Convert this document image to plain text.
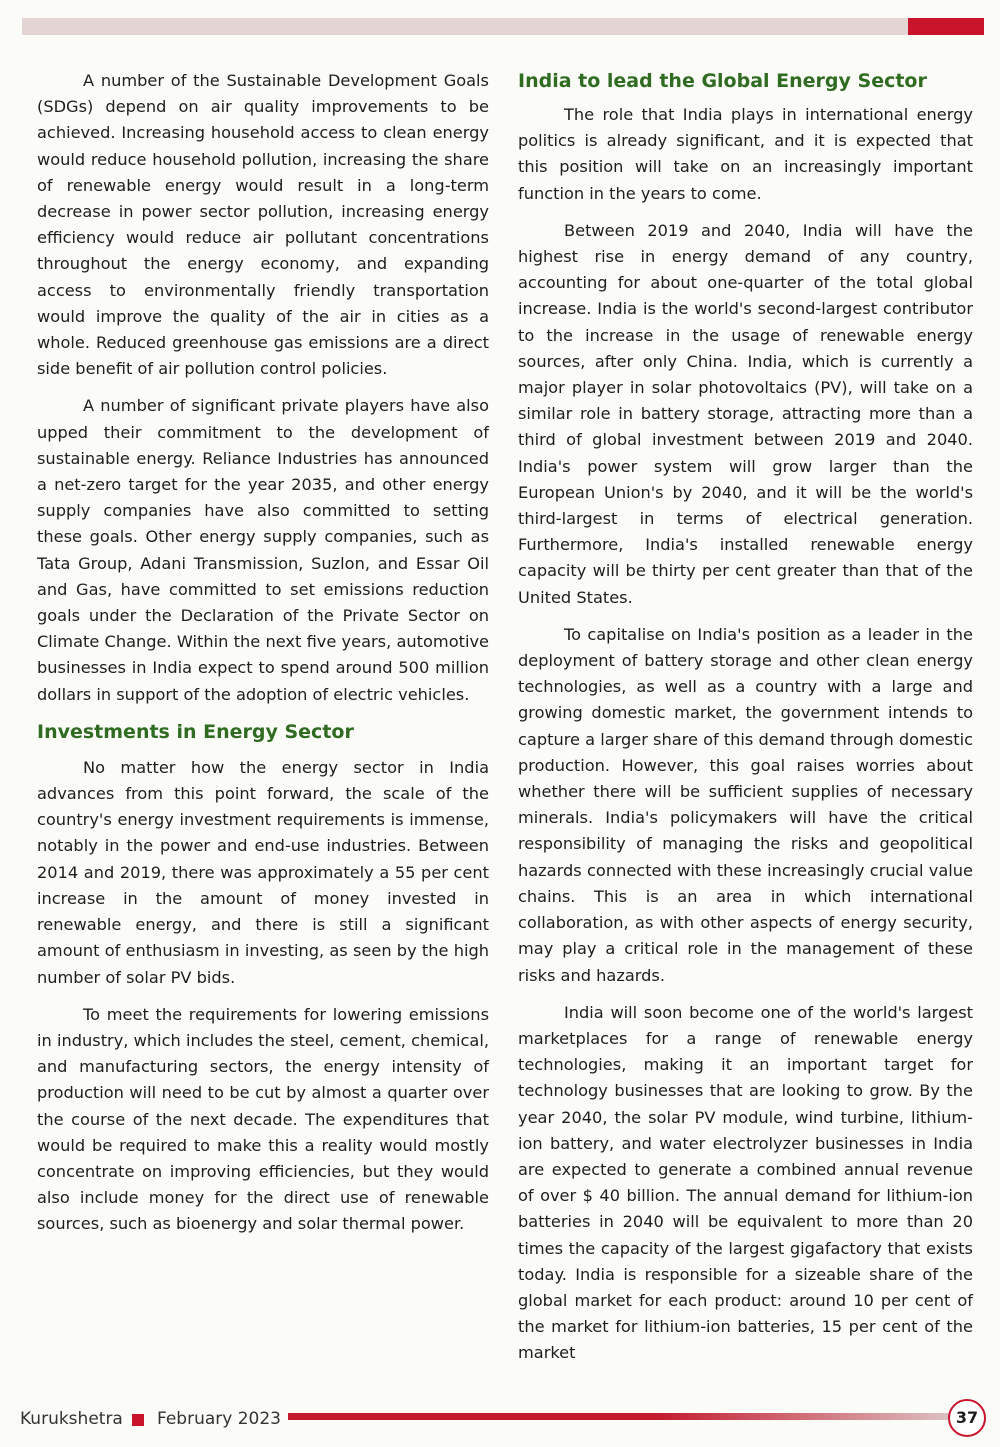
A number of the Sustainable Development Goals (SDGs) depend on air quality improvements to be achieved. Increasing household access to clean energy would reduce household pollution, increasing the share of renewable energy would result in a long-term decrease in power sector pollution, increasing energy efficiency would reduce air pollutant concentrations throughout the energy economy, and expanding access to environmentally friendly transportation would improve the quality of the air in cities as a whole. Reduced greenhouse gas emissions are a direct side benefit of air pollution control policies.

A number of significant private players have also upped their commitment to the development of sustainable energy. Reliance Industries has announced a net-zero target for the year 2035, and other energy supply companies have also committed to setting these goals. Other energy supply companies, such as Tata Group, Adani Transmission, Suzlon, and Essar Oil and Gas, have committed to set emissions reduction goals under the Declaration of the Private Sector on Climate Change. Within the next five years, automotive businesses in India expect to spend around 500 million dollars in support of the adoption of electric vehicles.

Investments in Energy Sector

No matter how the energy sector in India advances from this point forward, the scale of the country's energy investment requirements is immense, notably in the power and end-use industries. Between 2014 and 2019, there was approximately a 55 per cent increase in the amount of money invested in renewable energy, and there is still a significant amount of enthusiasm in investing, as seen by the high number of solar PV bids.

To meet the requirements for lowering emissions in industry, which includes the steel, cement, chemical, and manufacturing sectors, the energy intensity of production will need to be cut by almost a quarter over the course of the next decade. The expenditures that would be required to make this a reality would mostly concentrate on improving efficiencies, but they would also include money for the direct use of renewable sources, such as bioenergy and solar thermal power.

India to lead the Global Energy Sector

The role that India plays in international energy politics is already significant, and it is expected that this position will take on an increasingly important function in the years to come.

Between 2019 and 2040, India will have the highest rise in energy demand of any country, accounting for about one-quarter of the total global increase. India is the world's second-largest contributor to the increase in the usage of renewable energy sources, after only China. India, which is currently a major player in solar photovoltaics (PV), will take on a similar role in battery storage, attracting more than a third of global investment between 2019 and 2040. India's power system will grow larger than the European Union's by 2040, and it will be the world's third-largest in terms of electrical generation. Furthermore, India's installed renewable energy capacity will be thirty per cent greater than that of the United States.

To capitalise on India's position as a leader in the deployment of battery storage and other clean energy technologies, as well as a country with a large and growing domestic market, the government intends to capture a larger share of this demand through domestic production. However, this goal raises worries about whether there will be sufficient supplies of necessary minerals. India's policymakers will have the critical responsibility of managing the risks and geopolitical hazards connected with these increasingly crucial value chains. This is an area in which international collaboration, as with other aspects of energy security, may play a critical role in the management of these risks and hazards.

India will soon become one of the world's largest marketplaces for a range of renewable energy technologies, making it an important target for technology businesses that are looking to grow. By the year 2040, the solar PV module, wind turbine, lithium-ion battery, and water electrolyzer businesses in India are expected to generate a combined annual revenue of over $ 40 billion. The annual demand for lithium-ion batteries in 2040 will be equivalent to more than 20 times the capacity of the largest gigafactory that exists today. India is responsible for a sizeable share of the global market for each product: around 10 per cent of the market for lithium-ion batteries, 15 per cent of the market

Kurukshetra February 2023	37
